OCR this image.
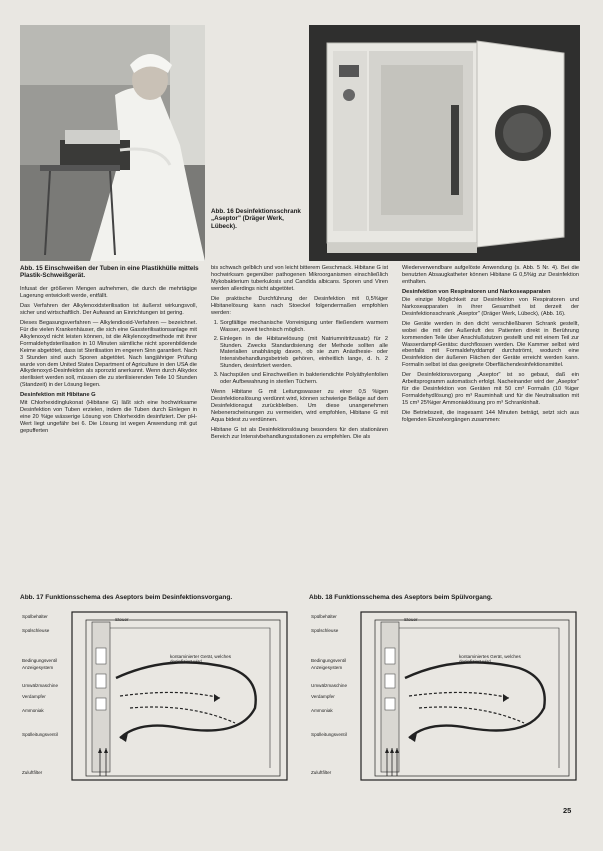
Abb. 16 Desinfektionsschrank „Aseptor" (Dräger Werk, Lübeck).
Abb. 15 Einschweißen der Tuben in eine Plastikhülle mittels Plastik-Schweißgerät.

Infusat der größeren Mengen aufnehmen, die durch die mehrtägige Lagerung entwickelt werde, entfällt.

Das Verfahren der Alkylenoxidsterilisation ist äußerst wirkungsvoll, sicher und wirtschaftlich. Der Aufwand an Einrichtungen ist gering.

Dieses Begasungsverfahren — Alkylendioxid-Verfahren — bezeichnet. Für die vielen Krankenhäuser, die sich eine Gassterilisationsanlage mit Alkylenoxyd nicht leisten können, ist die Alkylenoxydmethode mit ihrer Formaldehydsterilisation in 10 Minuten sämtliche nicht sporenbildende Keime abgetötet, dass ist Sterilisation im engeren Sinn garantiert. Nach 3 Stunden sind auch Sporen abgetötet. Nach langjähriger Prüfung wurde von dem United States Department of Agriculture in den USA die Alkydenoxyd-Desinfektion als sporozid anerkannt. Wenn durch Alkydex sterilisiert werden soll, müssen die zu sterilisierenden Teile 10 Stunden (Standzeit) in der Lösung liegen.

Desinfektion mit Hibitane G

Mit Chlorhexidinglukonat (Hibitane G) läßt sich eine hochwirksame Desinfektion von Tuben erzielen, indem die Tuben durch Einlegen in eine 20 %ige wässerige Lösung von Chlorhexidin desinfiziert. Der pH-Wert liegt ungefähr bei 6. Die Lösung ist wegen Anwendung mit gut gepufferten

bis schwach gelblich und von leicht bitterem Geschmack. Hibitane G ist hochwirksam gegenüber pathogenen Mikroorganismen einschließlich Mykobakterium tuberkulosis und Candida albicans. Sporen und Viren werden allerdings nicht abgetötet.

Die praktische Durchführung der Desinfektion mit 0,5%iger Hibitanelösung kann nach Stoeckel folgendermaßen empfohlen werden:

1. Sorgfältige mechanische Vorreinigung unter fließendem warmem Wasser, soweit technisch möglich.
2. Einlegen in die Hibitanelösung (mit Natriumnitritzusatz) für 2 Stunden. Zwecks Standardisierung der Methode sollten alle Materialien unabhängig davon, ob sie zum Anästhesie- oder Intensivbehandlungsbetrieb gehören, einheitlich lange, d. h. 2 Stunden, desinfiziert werden.
3. Nachspülen und Einschweißen in bakteriendichte Polyäthylenfolien oder Aufbewahrung in sterilen Tüchern.

Wenn Hibitane G mit Leitungswasser zu einer 0,5 %igen Desinfektionslösung verdünnt wird, können schwierige Beläge auf dem Desinfektionsgut zurückbleiben. Um diese unangenehmen Nebenerscheinungen zu vermeiden, wird empfohlen, Hibitane G mit Aqua bidest zu verdünnen.

Hibitane G ist als Desinfektionslösung besonders für den stationären Bereich zur Intensivbehandlungsstationen zu empfehlen. Die als

Wiederverwendbare aufgelöste Anwendung (s. Abb. 5 Nr. 4). Bei die benutzten Absaugkatheter können Hibitane G 0,5%ig zur Desinfektion enthalten.

Desinfektion von Respiratoren und Narkoseapparaten

Die einzige Möglichkeit zur Desinfektion von Respiratoren und Narkoseapparaten in ihrer Gesamtheit ist derzeit der Desinfektionsschrank „Aseptor" (Dräger Werk, Lübeck), (Abb. 16).

Die Geräte werden in den dicht verschließbaren Schrank gestellt, wobei die mit der Außenluft des Patienten direkt in Berührung kommenden Teile über Anschlußstutzen gestellt und mit einem Teil zur Wasserdampf-Gerätsc durchflossen werden. Die Kammer selbst wird ebenfalls mit Formaldehyddampf durchströmt, wodurch eine Desinfektion der äußeren Flächen der Geräte erreicht werden kann. Formalin selbst ist das geeignete Oberflächendesinfektionsmittel.

Der Desinfektionsvorgang „Aseptor" ist so gebaut, daß ein Arbeitsprogramm automatisch erfolgt. Nacheinander wird der „Aseptor" für die Desinfektion von Geräten mit 50 cm³ Formalin (10 %iger Formaldehydlösung) pro m³ Rauminhalt und für die Neutralisation mit 15 cm³ 25%iger Ammoniaklösung pro m³ Schrankinhalt.

Die Betriebszeit, die insgesamt 144 Minuten beträgt, setzt sich aus folgenden Einzelvorgängen zusammen:

Abb. 17 Funktionsschema des Aseptors beim Desinfektionsvorgang.	Abb. 18 Funktionsschema des Aseptors beim Spülvorgang.
Spülbehälter
Spülschleuse
Steuer
Bedingungsventil
Anzeigesystem
Umwälzmaschine
Verdampfer
Ammoniak
Spülleitungsventil
Zuluftfilter
kontaminierter Gerät, welches desinfiziert wird
Spülbehälter
Spülschleuse
Steuer
Bedingungsventil
Anzeigesystem
Umwälzmaschine
Verdampfer
Ammoniak
Spülleitungsventil
Zuluftfilter
kontaminiertes Gerät, welches desinfiziert wird
25
